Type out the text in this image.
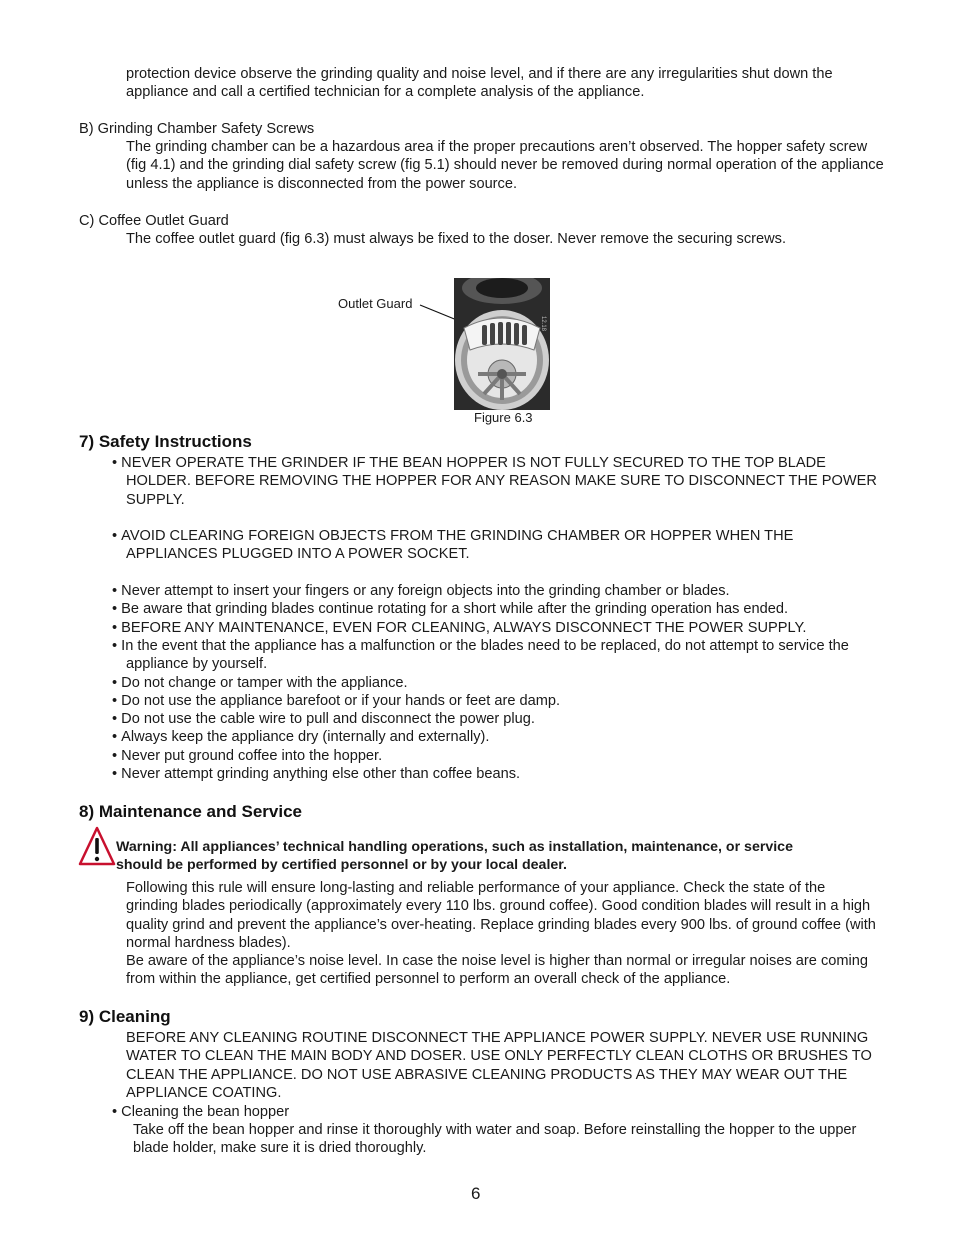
protection device observe the grinding quality and noise level, and if there are any irregularities shut down the appliance and call a certified technician for a complete analysis of the appliance.

B) Grinding Chamber Safety Screws

The grinding chamber can be a hazardous area if the proper precautions aren’t observed. The hopper safety screw (fig 4.1) and the grinding dial safety screw (fig 5.1) should never be removed during normal operation of the appliance unless the appliance is disconnected from the power source.

C) Coffee Outlet Guard

The coffee outlet guard (fig 6.3) must always be fixed to the doser. Never remove the securing screws.

Outlet Guard
12.18
Figure 6.3
7) Safety Instructions
• NEVER OPERATE THE GRINDER IF THE BEAN HOPPER IS NOT FULLY SECURED TO THE TOP BLADE HOLDER. BEFORE REMOVING THE HOPPER FOR ANY REASON MAKE SURE TO DISCONNECT THE POWER SUPPLY.
• AVOID CLEARING FOREIGN OBJECTS FROM THE GRINDING CHAMBER OR HOPPER WHEN THE APPLIANCES PLUGGED INTO A POWER SOCKET.
• Never attempt to insert your fingers or any foreign objects into the grinding chamber or blades.
• Be aware that grinding blades continue rotating for a short while after the grinding operation has ended.
• BEFORE ANY MAINTENANCE, EVEN FOR CLEANING, ALWAYS DISCONNECT THE POWER SUPPLY.
• In the event that the appliance has a malfunction or the blades need to be replaced, do not attempt to service the appliance by yourself.
• Do not change or tamper with the appliance.
• Do not use the appliance barefoot or if your hands or feet are damp.
• Do not use the cable wire to pull and disconnect the power plug.
• Always keep the appliance dry (internally and externally).
• Never put ground coffee into the hopper.
• Never attempt grinding anything else other than coffee beans.
8) Maintenance and Service

Warning: All appliances’ technical handling operations, such as installation, maintenance, or service should be performed by certified personnel or by your local dealer.

Following this rule will ensure long-lasting and reliable performance of your appliance. Check the state of the grinding blades periodically (approximately every 110 lbs. ground coffee). Good condition blades will result in a high quality grind and prevent the appliance’s over-heating. Replace grinding blades every 900 lbs. of ground coffee (with normal hardness blades).

Be aware of the appliance’s noise level. In case the noise level is higher than normal or irregular noises are coming from within the appliance, get certified personnel to perform an overall check of the appliance.

9) Cleaning

BEFORE ANY CLEANING ROUTINE DISCONNECT THE APPLIANCE POWER SUPPLY. NEVER USE RUNNING WATER TO CLEAN THE MAIN BODY AND DOSER. USE ONLY PERFECTLY CLEAN CLOTHS OR BRUSHES TO CLEAN THE APPLIANCE. DO NOT USE ABRASIVE CLEANING PRODUCTS AS THEY MAY WEAR OUT THE APPLIANCE COATING.

• Cleaning the bean hopper

Take off the bean hopper and rinse it thoroughly with water and soap. Before reinstalling the hopper to the upper blade holder, make sure it is dried thoroughly.

6
